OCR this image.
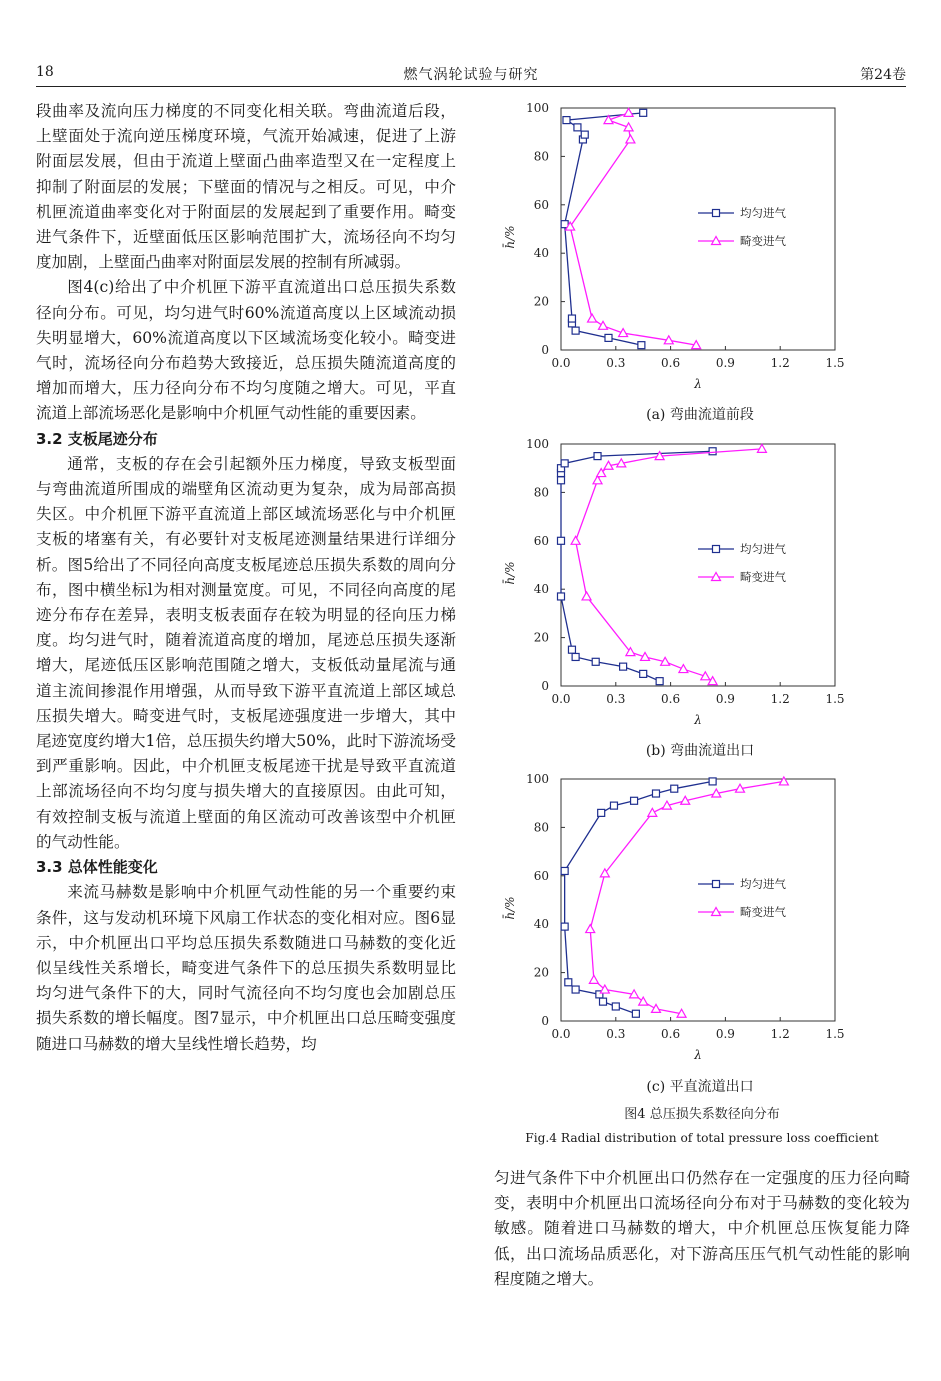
18	燃气涡轮试验与研究	第24卷

段曲率及流向压力梯度的不同变化相关联。弯曲流道后段，上壁面处于流向逆压梯度环境，气流开始减速，促进了上游附面层发展，但由于流道上壁面凸曲率造型又在一定程度上抑制了附面层的发展；下壁面的情况与之相反。可见，中介机匣流道曲率变化对于附面层的发展起到了重要作用。畸变进气条件下，近壁面低压区影响范围扩大，流场径向不均匀度加剧，上壁面凸曲率对附面层发展的控制有所减弱。

图4(c)给出了中介机匣下游平直流道出口总压损失系数径向分布。可见，均匀进气时60%流道高度以上区域流动损失明显增大，60%流道高度以下区域流场变化较小。畸变进气时，流场径向分布趋势大致接近，总压损失随流道高度的增加而增大，压力径向分布不均匀度随之增大。可见，平直流道上部流场恶化是影响中介机匣气动性能的重要因素。

3.2 支板尾迹分布

通常，支板的存在会引起额外压力梯度，导致支板型面与弯曲流道所围成的端壁角区流动更为复杂，成为局部高损失区。中介机匣下游平直流道上部区域流场恶化与中介机匣支板的堵塞有关，有必要针对支板尾迹测量结果进行详细分析。图5给出了不同径向高度支板尾迹总压损失系数的周向分布，图中横坐标l为相对测量宽度。可见，不同径向高度的尾迹分布存在差异，表明支板表面存在较为明显的径向压力梯度。均匀进气时，随着流道高度的增加，尾迹总压损失逐渐增大，尾迹低压区影响范围随之增大，支板低动量尾流与通道主流间掺混作用增强，从而导致下游平直流道上部区域总压损失增大。畸变进气时，支板尾迹强度进一步增大，其中尾迹宽度约增大1倍，总压损失约增大50%，此时下游流场受到严重影响。因此，中介机匣支板尾迹干扰是导致平直流道上部流场径向不均匀度与损失增大的直接原因。由此可知，有效控制支板与流道上壁面的角区流动可改善该型中介机匣的气动性能。

3.3 总体性能变化

来流马赫数是影响中介机匣气动性能的另一个重要约束条件，这与发动机环境下风扇工作状态的变化相对应。图6显示，中介机匣出口平均总压损失系数随进口马赫数的变化近似呈线性关系增长，畸变进气条件下的总压损失系数明显比均匀进气条件下的大，同时气流径向不均匀度也会加剧总压损失系数的增长幅度。图7显示，中介机匣出口总压畸变强度随进口马赫数的增大呈线性增长趋势，均

0.0	0.3	0.6	0.9	1.2	1.5
0
20
40
60
80
100
λ
h̄/%
均匀进气
畸变进气
(a) 弯曲流道前段
0.0	0.3	0.6	0.9	1.2	1.5
0
20
40
60
80
100
λ
h̄/%
均匀进气
畸变进气
(b) 弯曲流道出口
0.0	0.3	0.6	0.9	1.2	1.5
0
20
40
60
80
100
λ
h̄/%
均匀进气
畸变进气
(c) 平直流道出口
图4 总压损失系数径向分布
Fig.4 Radial distribution of total pressure loss coefficient

匀进气条件下中介机匣出口仍然存在一定强度的压力径向畸变，表明中介机匣出口流场径向分布对于马赫数的变化较为敏感。随着进口马赫数的增大，中介机匣总压恢复能力降低，出口流场品质恶化，对下游高压压气机气动性能的影响程度随之增大。
